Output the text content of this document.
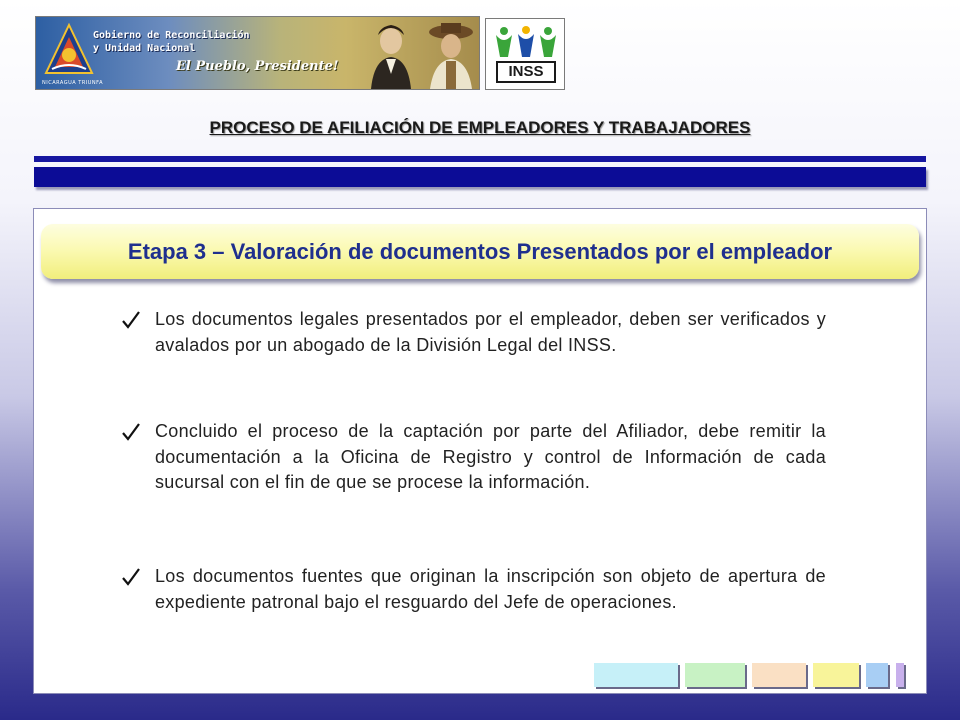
Gobierno de Reconciliación
y Unidad Nacional
El Pueblo, Presidente!
NICARAGUA TRIUNFA
INSS
PROCESO DE AFILIACIÓN DE EMPLEADORES Y TRABAJADORES
Etapa 3 – Valoración de documentos Presentados por el empleador
Los documentos legales presentados por el empleador, deben ser verificados y avalados por un abogado de la División Legal del INSS.
Concluido el proceso de la captación por parte del Afiliador, debe remitir la documentación a la Oficina de Registro y control de Información de cada sucursal con el fin de que se procese la información.
Los documentos fuentes que originan la inscripción son objeto de apertura de expediente patronal bajo el resguardo del Jefe de operaciones.
